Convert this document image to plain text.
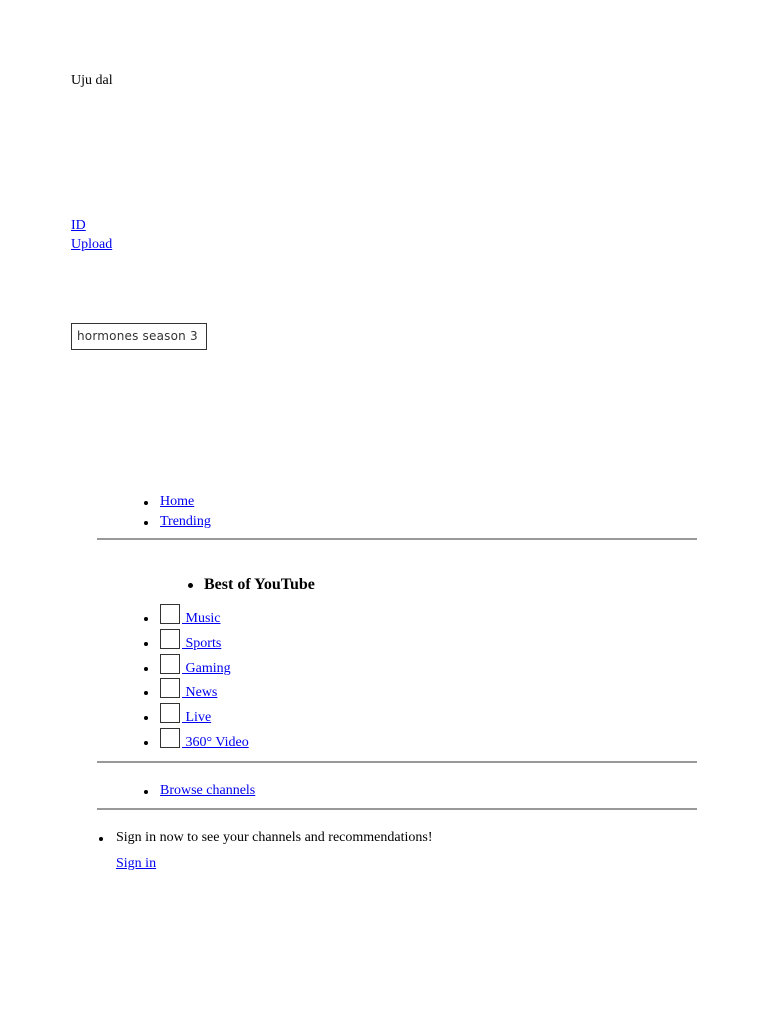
Uju dal
ID
Upload
hormones season 3
Home
Trending
Best of YouTube
Music
Sports
Gaming
News
Live
360° Video
Browse channels
Sign in now to see your channels and recommendations!
Sign in
